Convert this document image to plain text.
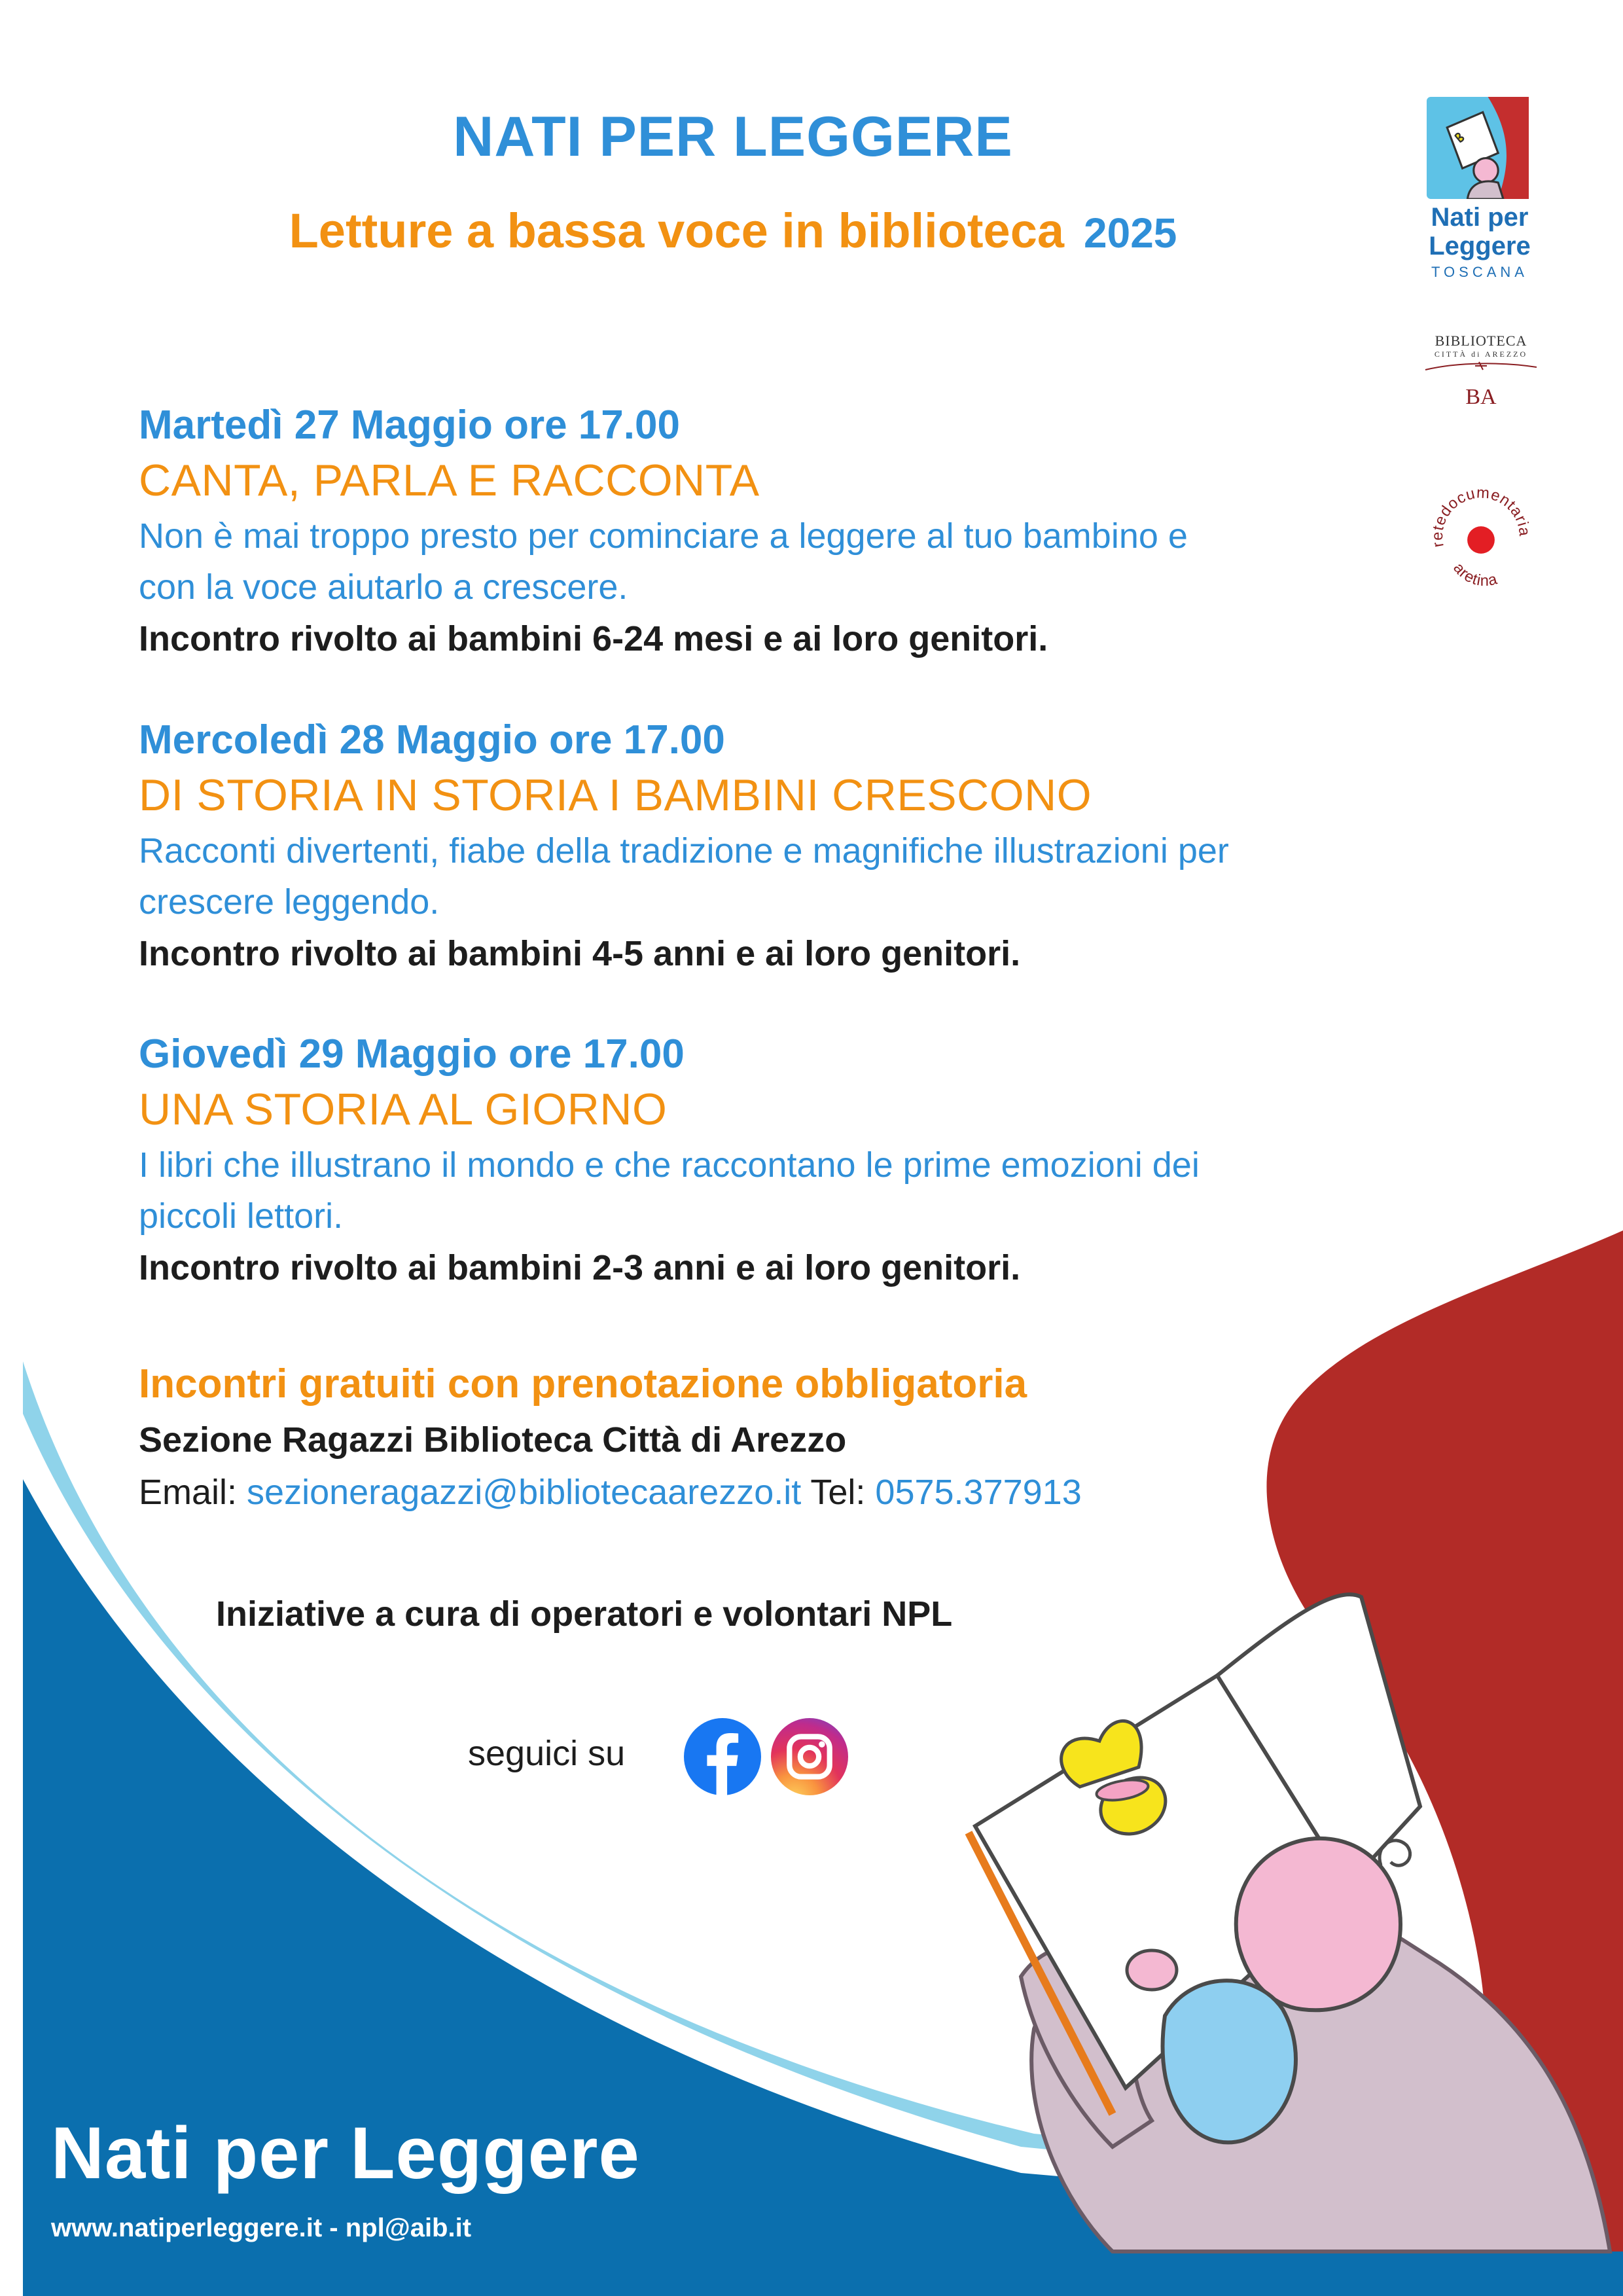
NATI PER LEGGERE
Letture a bassa voce in biblioteca 2025
Martedì 27 Maggio ore 17.00
CANTA, PARLA E RACCONTA
Non è mai troppo presto per cominciare a leggere al tuo bambino e
con la voce aiutarlo a crescere.
Incontro rivolto ai bambini 6-24 mesi e ai loro genitori.
Mercoledì 28 Maggio ore 17.00
DI STORIA IN STORIA I BAMBINI CRESCONO
Racconti divertenti, fiabe della tradizione e magnifiche illustrazioni per
crescere leggendo.
Incontro rivolto ai bambini 4-5 anni e ai loro genitori.
Giovedì 29 Maggio ore 17.00
UNA STORIA AL GIORNO
I libri che illustrano il mondo e che raccontano le prime emozioni dei
piccoli lettori.
Incontro rivolto ai bambini 2-3 anni e ai loro genitori.
Incontri gratuiti con prenotazione obbligatoria
Sezione Ragazzi Biblioteca Città di Arezzo
Email: sezioneragazzi@bibliotecaarezzo.it Tel: 0575.377913
Iniziative a cura di operatori e volontari NPL
seguici su
Nati per Leggere
www.natiperleggere.it - npl@aib.it
Nati per
Leggere
TOSCANA
BIBLIOTECA
CITTÀ di AREZZO
BA
retedocumentaria
aretina
